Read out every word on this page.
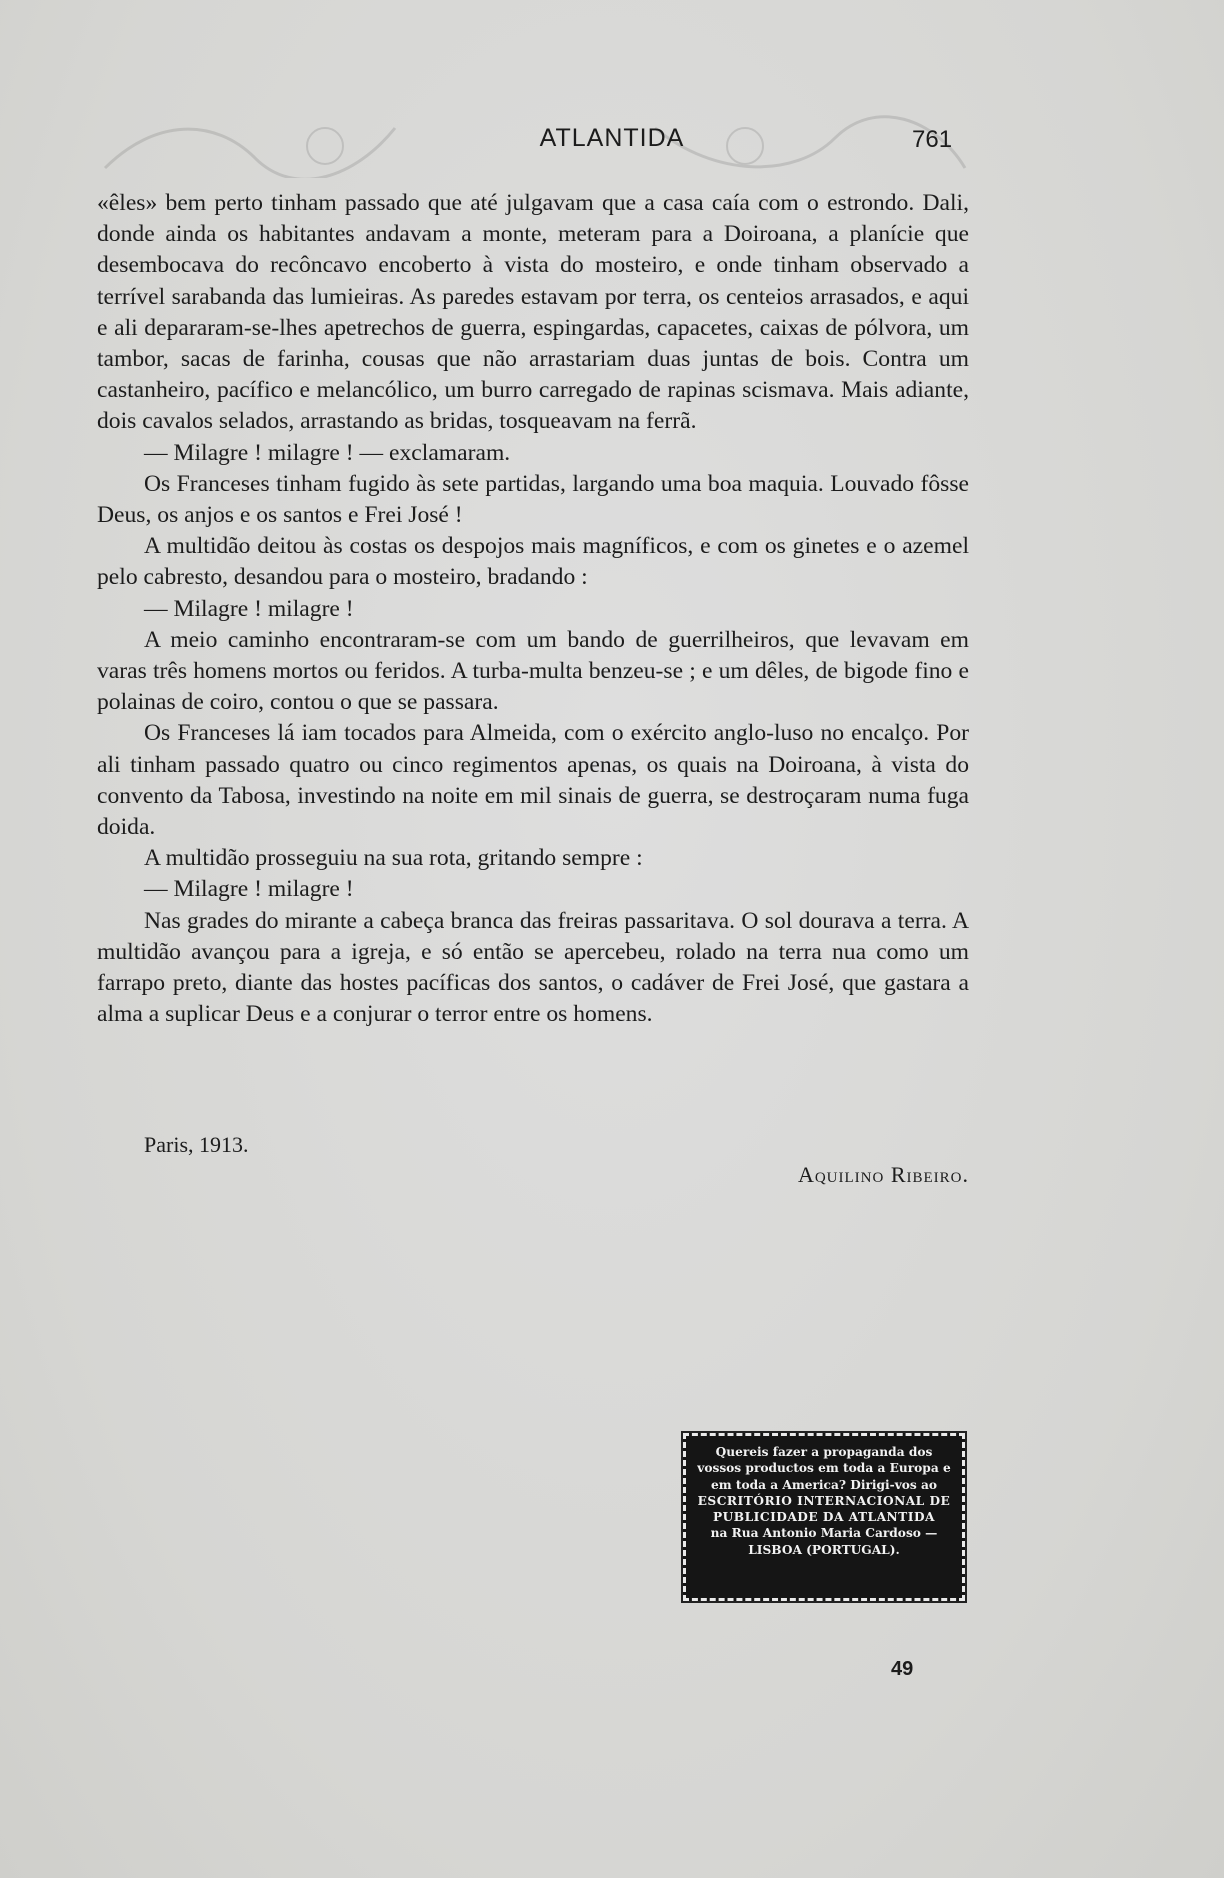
ATLANTIDA	761

«êles» bem perto tinham passado que até julgavam que a casa caía com o estrondo. Dali, donde ainda os habitantes andavam a monte, meteram para a Doiroana, a planície que desembocava do recôncavo encoberto à vista do mosteiro, e onde tinham observado a terrível sarabanda das lumieiras. As paredes estavam por terra, os centeios arrasados, e aqui e ali depararam-se-lhes apetrechos de guerra, espingardas, capacetes, caixas de pólvora, um tambor, sacas de farinha, cousas que não arrastariam duas juntas de bois. Contra um castanheiro, pacífico e melancólico, um burro carregado de rapinas scismava. Mais adiante, dois cavalos selados, arrastando as bridas, tosqueavam na ferrã.

— Milagre ! milagre ! — exclamaram.

Os Franceses tinham fugido às sete partidas, largando uma boa maquia. Louvado fôsse Deus, os anjos e os santos e Frei José !

A multidão deitou às costas os despojos mais magníficos, e com os ginetes e o azemel pelo cabresto, desandou para o mosteiro, bradando :

— Milagre ! milagre !

A meio caminho encontraram-se com um bando de guerrilheiros, que levavam em varas três homens mortos ou feridos. A turba-multa benzeu-se ; e um dêles, de bigode fino e polainas de coiro, contou o que se passara.

Os Franceses lá iam tocados para Almeida, com o exército anglo-luso no encalço. Por ali tinham passado quatro ou cinco regimentos apenas, os quais na Doiroana, à vista do convento da Tabosa, investindo na noite em mil sinais de guerra, se destroçaram numa fuga doida.

A multidão prosseguiu na sua rota, gritando sempre :

— Milagre ! milagre !

Nas grades do mirante a cabeça branca das freiras passaritava. O sol dourava a terra. A multidão avançou para a igreja, e só então se apercebeu, rolado na terra nua como um farrapo preto, diante das hostes pacíficas dos santos, o cadáver de Frei José, que gastara a alma a suplicar Deus e a conjurar o terror entre os homens.

Paris, 1913.
Aquilino Ribeiro.
Quereis fazer a propaganda dos vossos productos em toda a Europa e em toda a America? Dirigi-vos ao
ESCRITÓRIO INTERNACIONAL DE PUBLICIDADE DA ATLANTIDA
na Rua Antonio Maria Cardoso — LISBOA (PORTUGAL).
49
